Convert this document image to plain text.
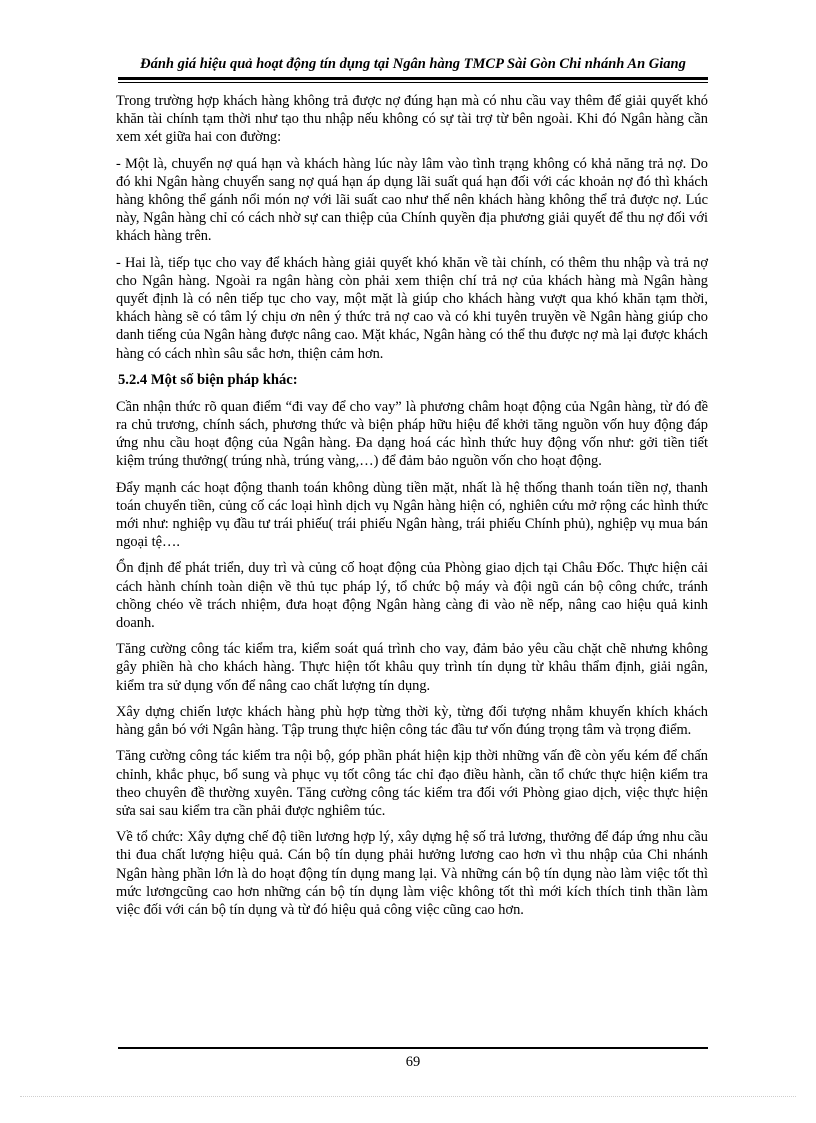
Đánh giá hiệu quả hoạt động tín dụng tại Ngân hàng TMCP Sài Gòn Chi nhánh An Giang

Trong trường hợp khách hàng không trả được nợ đúng hạn mà có nhu cầu vay thêm để giải quyết khó khăn tài chính tạm thời như tạo thu nhập nếu không có sự tài trợ từ bên ngoài. Khi đó Ngân hàng cần xem xét giữa hai con đường:

- Một là, chuyển nợ quá hạn và khách hàng lúc này lâm vào tình trạng không có khả năng trả nợ. Do đó khi Ngân hàng chuyển sang nợ quá hạn áp dụng lãi suất quá hạn đối với các khoản nợ đó thì khách hàng không thể gánh nổi món nợ với lãi suất cao như thế nên khách hàng không thể trả được nợ. Lúc này, Ngân hàng chỉ có cách nhờ sự can thiệp của Chính quyền địa phương giải quyết để thu nợ đối với khách hàng trên.

- Hai là, tiếp tục cho vay để khách hàng giải quyết khó khăn về tài chính, có thêm thu nhập và trả nợ cho Ngân hàng. Ngoài ra ngân hàng còn phải xem thiện chí trả nợ của khách hàng mà Ngân hàng quyết định là có nên tiếp tục cho vay, một mặt là giúp cho khách hàng vượt qua khó khăn tạm thời, khách hàng sẽ có tâm lý chịu ơn nên ý thức trả nợ cao và có khi tuyên truyền về Ngân hàng giúp cho danh tiếng của Ngân hàng được nâng cao. Mặt khác, Ngân hàng có thể thu được nợ mà lại được khách hàng có cách nhìn sâu sắc hơn, thiện cảm hơn.

5.2.4 Một số biện pháp khác:

Cần nhận thức rõ quan điểm “đi vay để cho vay” là phương châm hoạt động của Ngân hàng, từ đó đề ra chủ trương, chính sách, phương thức và biện pháp hữu hiệu để khởi tăng nguồn vốn huy động đáp ứng nhu cầu hoạt động của Ngân hàng. Đa dạng hoá các hình thức huy động vốn như: gởi tiền tiết kiệm trúng thưởng( trúng nhà, trúng vàng,…) để đảm bảo nguồn vốn cho hoạt động.

Đẩy mạnh các hoạt động thanh toán không dùng tiền mặt, nhất là hệ thống thanh toán tiền nợ, thanh toán chuyển tiền, củng cố các loại hình dịch vụ Ngân hàng hiện có, nghiên cứu mở rộng các hình thức mới như: nghiệp vụ đầu tư trái phiếu( trái phiếu Ngân hàng, trái phiếu Chính phủ), nghiệp vụ mua bán ngoại tệ….

Ổn định để phát triển, duy trì và củng cố hoạt động của Phòng giao dịch tại Châu Đốc. Thực hiện cải cách hành chính toàn diện về thủ tục pháp lý, tổ chức bộ máy và đội ngũ cán bộ công chức, tránh chồng chéo về trách nhiệm, đưa hoạt động Ngân hàng càng đi vào nề nếp, nâng cao hiệu quả kinh doanh.

Tăng cường công tác kiểm tra, kiểm soát quá trình cho vay, đảm bảo yêu cầu chặt chẽ nhưng không gây phiền hà cho khách hàng. Thực hiện tốt khâu quy trình tín dụng từ khâu thẩm định, giải ngân, kiểm tra sử dụng vốn để nâng cao chất lượng tín dụng.

Xây dựng chiến lược khách hàng phù hợp từng thời kỳ, từng đối tượng nhằm khuyến khích khách hàng gắn bó với Ngân hàng. Tập trung thực hiện công tác đầu tư vốn đúng trọng tâm và trọng điểm.

Tăng cường công tác kiểm tra nội bộ, góp phần phát hiện kịp thời những vấn đề còn yếu kém để chấn chỉnh, khắc phục, bổ sung và phục vụ tốt công tác chỉ đạo điều hành, cần tổ chức thực hiện kiểm tra theo chuyên đề thường xuyên. Tăng cường công tác kiểm tra đối với Phòng giao dịch, việc thực hiện sửa sai sau kiểm tra cần phải được nghiêm túc.

Về tổ chức: Xây dựng chế độ tiền lương hợp lý, xây dựng hệ số trả lương, thưởng để đáp ứng nhu cầu thi đua chất lượng hiệu quả. Cán bộ tín dụng phải hưởng lương cao hơn vì thu nhập của Chi nhánh Ngân hàng phần lớn là do hoạt động tín dụng mang lại. Và những cán bộ tín dụng nào làm việc tốt thì mức lươngcũng cao hơn những cán bộ tín dụng làm việc không tốt thì mới kích thích tinh thần làm việc đối với cán bộ tín dụng và từ đó hiệu quả công việc cũng cao hơn.

69
